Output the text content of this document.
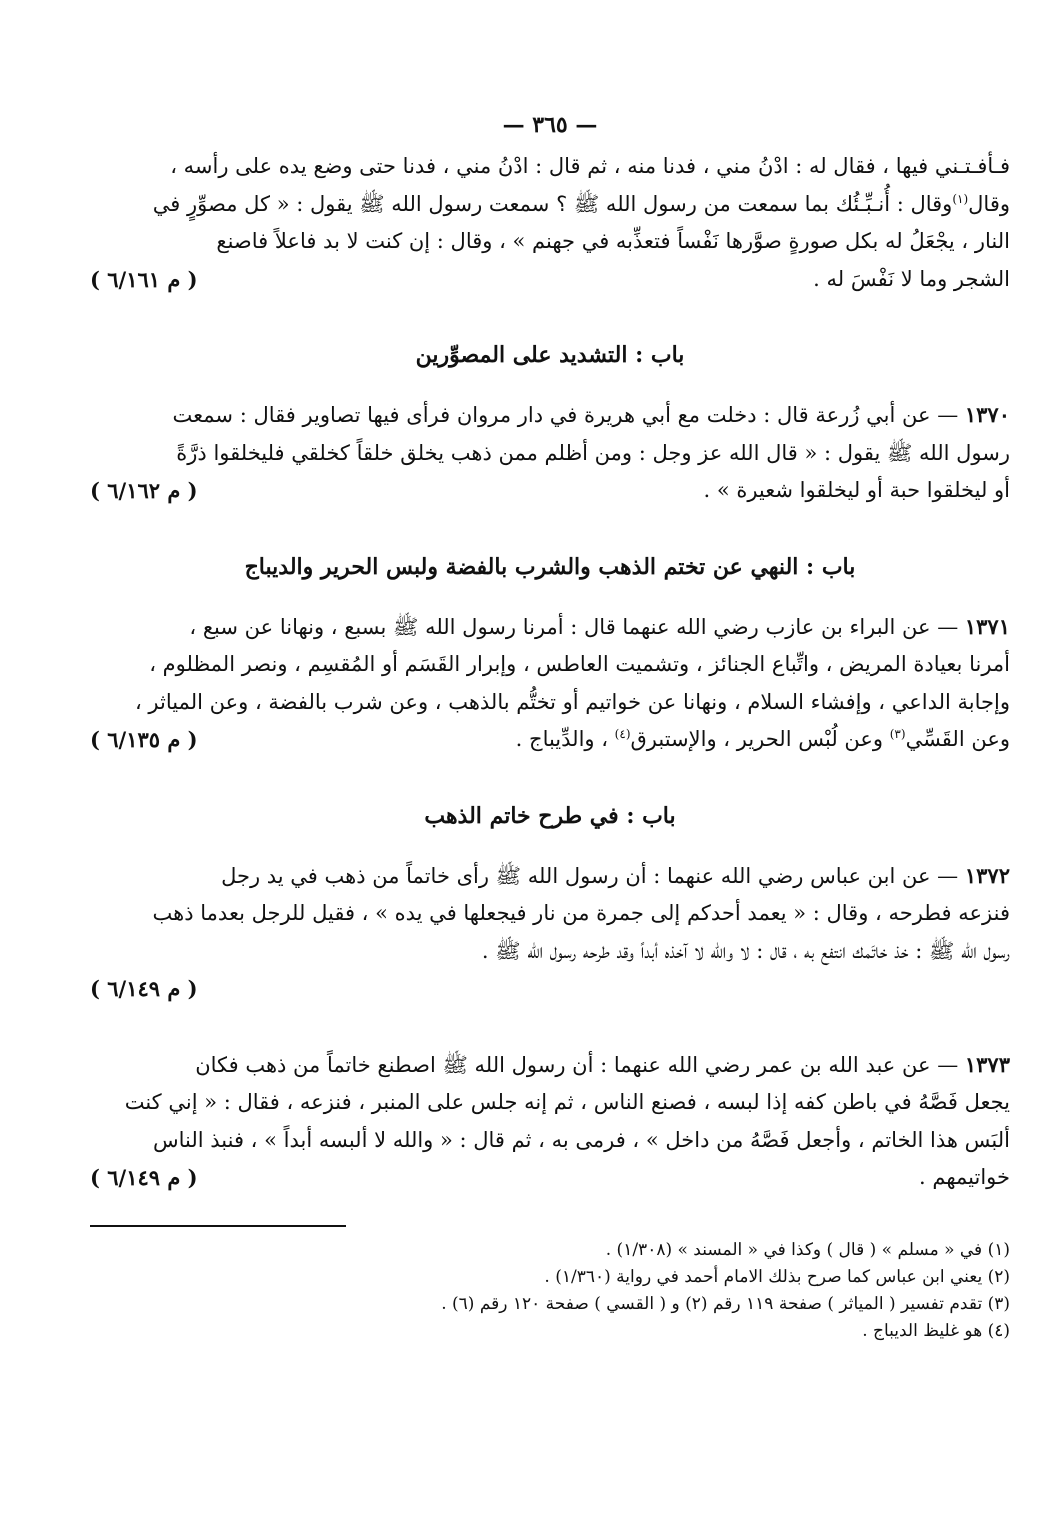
— ٣٦٥ —

فـأفـتـني فيها ، فقال له : ادْنُ مني ، فدنا منه ، ثم قال : ادْنُ مني ، فدنا حتى وضع يده على رأسه ،

وقال$^{(١)}$وقال : أُنـبِّـئُك بما سمعت من رسول الله ﷺ ؟ سمعت رسول الله ﷺ يقول : « كل مصوِّرٍ في

النار ، يجْعَلُ له بكل صورةٍ صوَّرها نَفْساً فتعذِّبه في جهنم » ، وقال : إن كنت لا بد فاعلاً فاصنع

( م ٦/١٦١ )	الشجر وما لا نَفْسَ له .

باب : التشديد على المصوِّرين

١٣٧٠ — عن أبي زُرعة قال : دخلت مع أبي هريرة في دار مروان فرأى فيها تصاوير فقال : سمعت

رسول الله ﷺ يقول : « قال الله عز وجل : ومن أظلم ممن ذهب يخلق خلقاً كخلقي فليخلقوا ذرَّةً

( م ٦/١٦٢ )	أو ليخلقوا حبة أو ليخلقوا شعيرة » .

باب : النهي عن تختم الذهب والشرب بالفضة ولبس الحرير والديباج

١٣٧١ — عن البراء بن عازب رضي الله عنهما قال : أمرنا رسول الله ﷺ بسبع ، ونهانا عن سبع ،

أمرنا بعيادة المريض ، واتِّباع الجنائز ، وتشميت العاطس ، وإبرار القَسَم أو المُقسِم ، ونصر المظلوم ،

وإجابة الداعي ، وإفشاء السلام ، ونهانا عن خواتيم أو تختُّم بالذهب ، وعن شرب بالفضة ، وعن المياثر ،

( م ٦/١٣٥ )	وعن القَسِّي$^{(٣)}$ وعن لُبْس الحرير ، والإستبرق$^{(٤)}$ ، والدِّيباج .

باب : في طرح خاتم الذهب

١٣٧٢ — عن ابن عباس رضي الله عنهما : أن رسول الله ﷺ رأى خاتماً من ذهب في يد رجل

فنزعه فطرحه ، وقال : « يعمد أحدكم إلى جمرة من نار فيجعلها في يده » ، فقيل للرجل بعدما ذهب

رسول الله ﷺ : خذ خاتَمك انتفع به ، قال : لا والله لا آخذه أبداً وقد طرحه رسول الله ﷺ .

( م ٦/١٤٩ )

١٣٧٣ — عن عبد الله بن عمر رضي الله عنهما : أن رسول الله ﷺ اصطنع خاتماً من ذهب فكان

يجعل فَصَّهُ في باطن كفه إذا لبسه ، فصنع الناس ، ثم إنه جلس على المنبر ، فنزعه ، فقال : « إني كنت

ألبَس هذا الخاتم ، وأجعل فَصَّهُ من داخل » ، فرمى به ، ثم قال : « والله لا ألبسه أبداً » ، فنبذ الناس

( م ٦/١٤٩ )	خواتيمهم .

(١) في « مسلم » ( قال ) وكذا في « المسند » (١/٣٠٨) .
(٢) يعني ابن عباس كما صرح بذلك الامام أحمد في رواية (١/٣٦٠) .
(٣) تقدم تفسير ( المياثر ) صفحة ١١٩ رقم (٢) و ( القسي ) صفحة ١٢٠ رقم (٦) .
(٤) هو غليظ الديباج .
